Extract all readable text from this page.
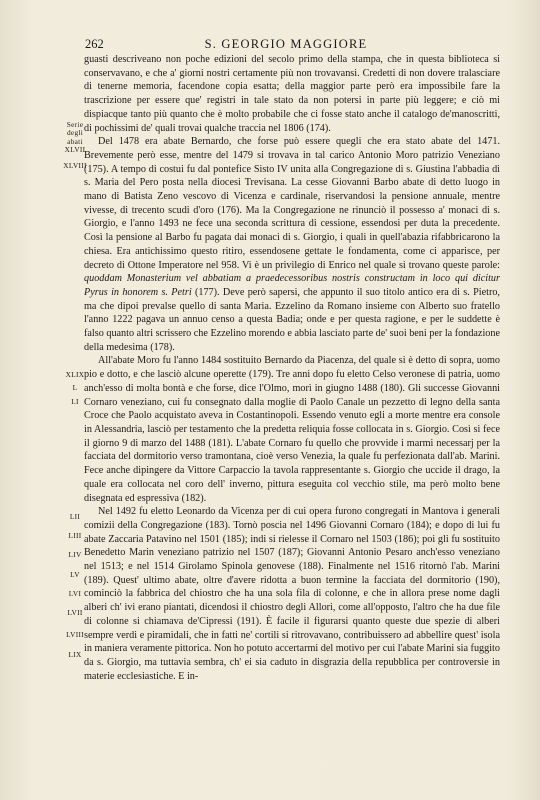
262	S. GEORGIO MAGGIORE
Serie
degli
abati
XLVII
XLVIII
XLIX
L
LI
LII
LIII
LIV
LV
LVI
LVII
LVIII
LIX

guasti descriveano non poche edizioni del secolo primo della stampa, che in questa biblioteca si conservavano, e che a' giorni nostri certamente più non trovavansi. Credetti di non dovere tralasciare di tenerne memoria, facendone copia esatta; della maggior parte però era impossibile fare la trascrizione per essere que' registri in tale stato da non potersi in parte più leggere; e ciò mi dispiacque tanto più quanto che è molto probabile che ci fosse stato anche il catalogo de'manoscritti, di pochissimi de' quali trovai qualche traccia nel 1806 (174).

Del 1478 era abate Bernardo, che forse può essere quegli che era stato abate del 1471. Brevemente però esse, mentre del 1479 si trovava in tal carico Antonio Moro patrizio Veneziano (175). A tempo di costui fu dal pontefice Sisto IV unita alla Congregazione di s. Giustina l'abbadia di s. Maria del Pero posta nella diocesi Trevisana. La cesse Giovanni Barbo abate di detto luogo in mano di Batista Zeno vescovo di Vicenza e cardinale, riservandosi la pensione annuale, mentre vivesse, di trecento scudi d'oro (176). Ma la Congregazione ne rinunciò il possesso a' monaci di s. Giorgio, e l'anno 1493 ne fece una seconda scrittura di cessione, essendosi per duta la precedente. Così la pensione al Barbo fu pagata dai monaci di s. Giorgio, i quali in quell'abazia rifabbricarono la chiesa. Era antichissimo questo ritiro, essendosene gettate le fondamenta, come ci apparisce, per decreto di Ottone Imperatore nel 958. Vi è un privilegio di Enrico nel quale si trovano queste parole: quoddam Monasterium vel abbatiam a praedecessoribus nostris constructam in loco qui dicitur Pyrus in honorem s. Petri (177). Deve però sapersi, che appunto il suo titolo antico era di s. Pietro, ma che dipoi prevalse quello di santa Maria. Ezzelino da Romano insieme con Alberto suo fratello l'anno 1222 pagava un annuo censo a questa Badia; onde e per questa ragione, e per le suddette è falso quanto altri scrissero che Ezzelino morendo e abbia lasciato parte de' suoi beni per la fondazione della medesima (178).

All'abate Moro fu l'anno 1484 sostituito Bernardo da Piacenza, del quale si è detto di sopra, uomo pio e dotto, e che lasciò alcune operette (179). Tre anni dopo fu eletto Celso veronese di patria, uomo anch'esso di molta bontà e che forse, dice l'Olmo, morì in giugno 1488 (180). Gli successe Giovanni Cornaro veneziano, cui fu consegnato dalla moglie di Paolo Canale un pezzetto di legno della santa Croce che Paolo acquistato aveva in Costantinopoli. Essendo venuto egli a morte mentre era console in Alessandria, lasciò per testamento che la predetta reliquia fosse collocata in s. Giorgio. Così si fece il giorno 9 di marzo del 1488 (181). L'abate Cornaro fu quello che provvide i marmi necessarj per la facciata del dormitorio verso tramontana, cioè verso Venezia, la quale fu perfezionata dall'ab. Marini. Fece anche dipingere da Vittore Carpaccio la tavola rappresentante s. Giorgio che uccide il drago, la quale era collocata nel coro dell' inverno, pittura eseguita col vecchio stile, ma però molto bene disegnata ed espressiva (182).

Nel 1492 fu eletto Leonardo da Vicenza per di cui opera furono congregati in Mantova i generali comizii della Congregazione (183). Tornò poscia nel 1496 Giovanni Cornaro (184); e dopo di lui fu abate Zaccaria Patavino nel 1501 (185); indi si rielesse il Cornaro nel 1503 (186); poi gli fu sostituito Benedetto Marin veneziano patrizio nel 1507 (187); Giovanni Antonio Pesaro anch'esso veneziano nel 1513; e nel 1514 Girolamo Spinola genovese (188). Finalmente nel 1516 ritornò l'ab. Marini (189). Quest' ultimo abate, oltre d'avere ridotta a buon termine la facciata del dormitorio (190), cominciò la fabbrica del chiostro che ha una sola fila di colonne, e che in allora prese nome dagli alberi ch' ivi erano piantati, dicendosi il chiostro degli Allori, come all'opposto, l'altro che ha due file di colonne si chiamava de'Cipressi (191). È facile il figurarsi quanto queste due spezie di alberi sempre verdi e piramidali, che in fatti ne' cortili si ritrovavano, contribuissero ad abbellire quest' isola in maniera veramente pittorica. Non ho potuto accertarmi del motivo per cui l'abate Marini sia fuggito da s. Giorgio, ma tuttavia sembra, ch' ei sia caduto in disgrazia della repubblica per controversie in materie ecclesiastiche. E in-
